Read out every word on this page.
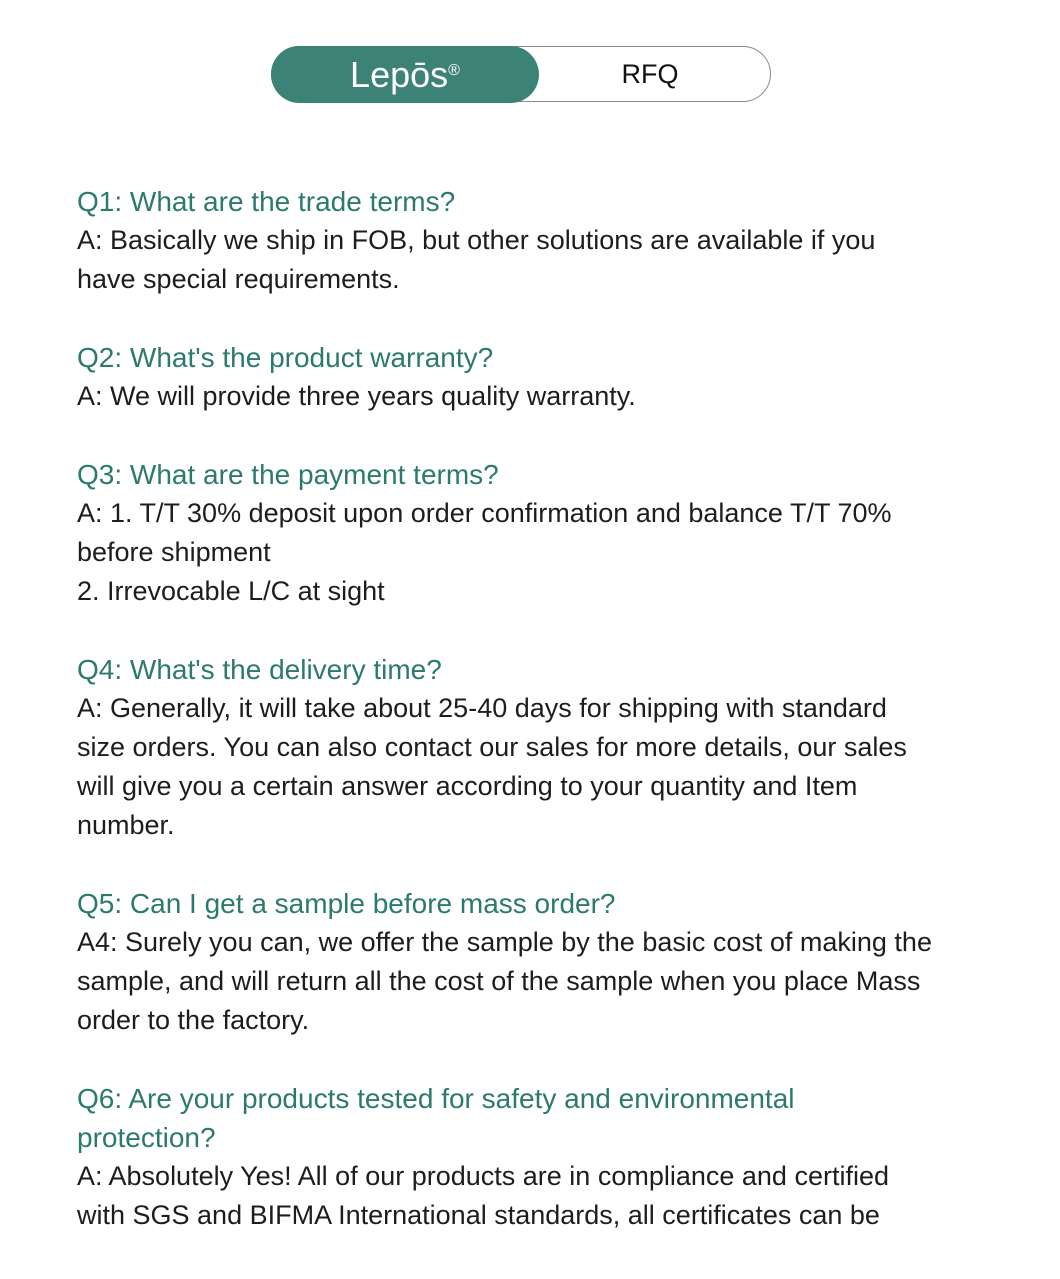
Lepōs®	RFQ
Q1: What are the trade terms?
A: Basically we ship in FOB, but other solutions are available if you
have special requirements.
Q2: What's the product warranty?
A: We will provide three years quality warranty.
Q3: What are the payment terms?
A: 1. T/T 30% deposit upon order confirmation and balance T/T 70%
before shipment
2. Irrevocable L/C at sight
Q4: What's the delivery time?
A: Generally, it will take about 25-40 days for shipping with standard
size orders. You can also contact our sales for more details, our sales
will give you a certain answer according to your quantity and Item
number.
Q5: Can I get a sample before mass order?
A4: Surely you can, we offer the sample by the basic cost of making the
sample, and will return all the cost of the sample when you place Mass
order to the factory.
Q6: Are your products tested for safety and environmental
protection?
A: Absolutely Yes! All of our products are in compliance and certified
with SGS and BIFMA International standards, all certificates can be
